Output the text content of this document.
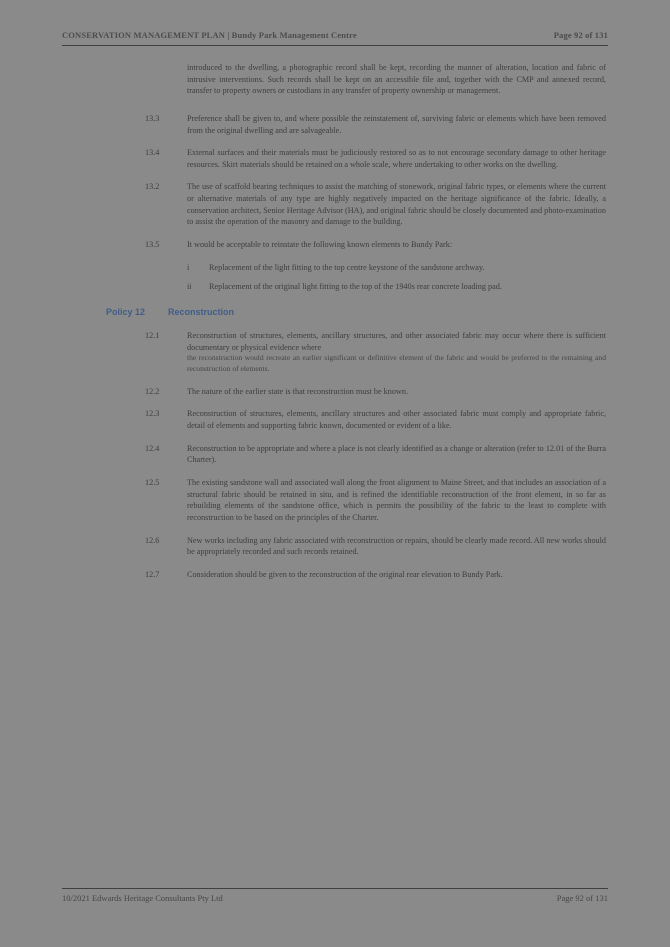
CONSERVATION MANAGEMENT PLAN | Bundy Park Management Centre	Page 92 of 131
introduced to the dwelling, a photographic record shall be kept, recording the manner of alteration, location and fabric of intrusive interventions. Such records shall be kept on an accessible file and, together with the CMP and annexed record, transfer to property owners or custodians in any transfer of property ownership or management.
13.3	Preference shall be given to, and where possible the reinstatement of, surviving fabric or elements which have been removed from the original dwelling and are salvageable.
13.4	External surfaces and their materials must be judiciously restored so as to not encourage secondary damage to other heritage resources. Skirt materials should be retained on a whole scale, where undertaking to other works on the dwelling.
13.2	The use of scaffold bearing techniques to assist the matching of stonework, original fabric types, or elements where the current or alternative materials of any type are highly negatively impacted on the heritage significance of the fabric. Ideally, a conservation architect, Senior Heritage Advisor (HA), and original fabric should be closely documented and photo-examination to assist the operation of the masonry and damage to the building.
13.5	It would be acceptable to reinstate the following known elements to Bundy Park:
i	Replacement of the light fitting to the top centre keystone of the sandstone archway.
ii	Replacement of the original light fitting to the top of the 1940s rear concrete loading pad.
Policy 12	Reconstruction
12.1	Reconstruction of structures, elements, ancillary structures, and other associated fabric may occur where there is sufficient documentary or physical evidence where
the reconstruction would recreate an earlier significant or definitive element of the fabric and would be preferred to the remaining and reconstruction of elements.
12.2	The nature of the earlier state is that reconstruction must be known.
12.3	Reconstruction of structures, elements, ancillary structures and other associated fabric must comply and appropriate fabric, detail of elements and supporting fabric known, documented or evident of a like.
12.4	Reconstruction to be appropriate and where a place is not clearly identified as a change or alteration (refer to 12.01 of the Burra Charter).
12.5	The existing sandstone wall and associated wall along the front alignment to Maine Street, and that includes an association of a structural fabric should be retained in situ, and is refined the identifiable reconstruction of the front element, in so far as rebuilding elements of the sandstone office, which is permits the possibility of the fabric to the least to complete with reconstruction to be based on the principles of the Charter.
12.6	New works including any fabric associated with reconstruction or repairs, should be clearly made record. All new works should be appropriately recorded and such records retained.
12.7	Consideration should be given to the reconstruction of the original rear elevation to Bundy Park.
10/2021 Edwards Heritage Consultants Pty Ltd	Page 92 of 131
